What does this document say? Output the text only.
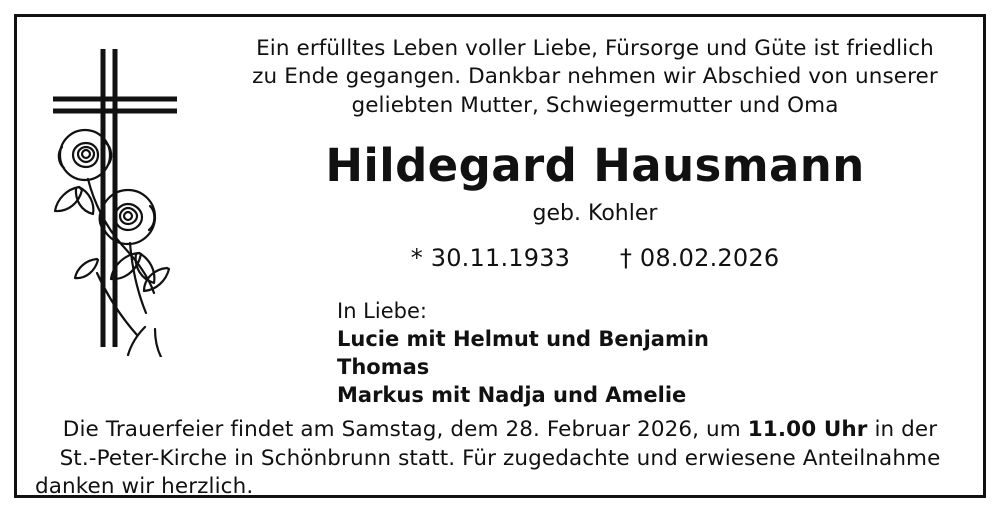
Ein erfülltes Leben voller Liebe, Fürsorge und Güte ist friedlich
zu Ende gegangen. Dankbar nehmen wir Abschied von unserer
geliebten Mutter, Schwiegermutter und Oma
Hildegard Hausmann
geb. Kohler
* 30.11.1933 † 08.02.2026
In Liebe:
Lucie mit Helmut und Benjamin
Thomas
Markus mit Nadja und Amelie
Die Trauerfeier findet am Samstag, dem 28. Februar 2026, um 11.00 Uhr in der
St.-Peter-Kirche in Schönbrunn statt. Für zugedachte und erwiesene Anteilnahme
danken wir herzlich.
